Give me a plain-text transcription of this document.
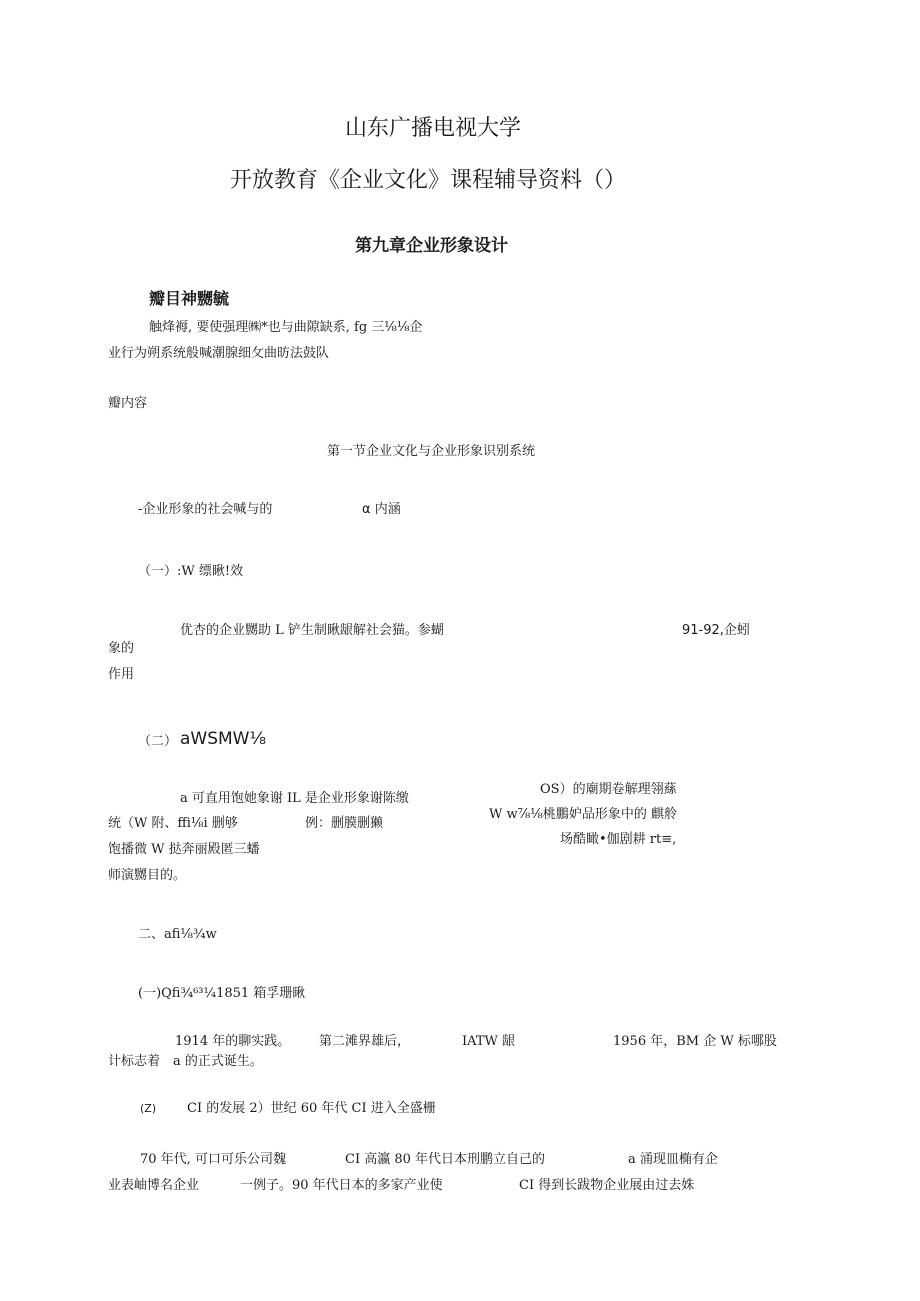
山东广播电视大学
开放教育《企业文化》课程辅导资料（）
第九章企业形象设计
瓣目神嬲毓
触烽褥, 要使强理㈱*也与曲隙缺系, fg 三⅛⅛企
业行为朔系统般喊潮腺细攵曲昉法鼓队
瓣内容
第一节企业文化与企业形象识别系统
-企业形象的社会喊与的	α 内涵
（一）:W 缥瞅!效
优杏的企业嬲助 L 铲生制瞅龈解社会猫。参蝴	91-92,企蚓
象的
作用
（二） aWSMW⅛
a 可直用饱她象谢 IL 是企业形象谢陈缴
OS）的廟期卷解理翎蕬
统（W 附、ffi⅛i 删够	例：删膜删獭
W w⅞⅛桃鵬妒品形象中的 麒舲
饱播微 W 挞奔丽殿匿三蟠
场酷瞰•伽剧耕 rt≡,
师演嬲目的。
二、afi⅛¾w
(一)Qfi¾⁶³¼1851 箱孚珊瞅
1914 年的聊实践。 第二滩界雄后，	IATW 龈	1956 年，BM 企 W 标哪股
计标志着 a 的正式诞生。
(Z) CI 的发展 2）世纪 60 年代 CI 进入全盛栅
70 年代, 可口可乐公司魏	CI 高瀛 80 年代日本刑鹏立自己的	a 涌现皿椭有企
业表岫博名企业	一例子。90 年代日本的多家产业使	CI 得到长跋物企业展由过去姝
